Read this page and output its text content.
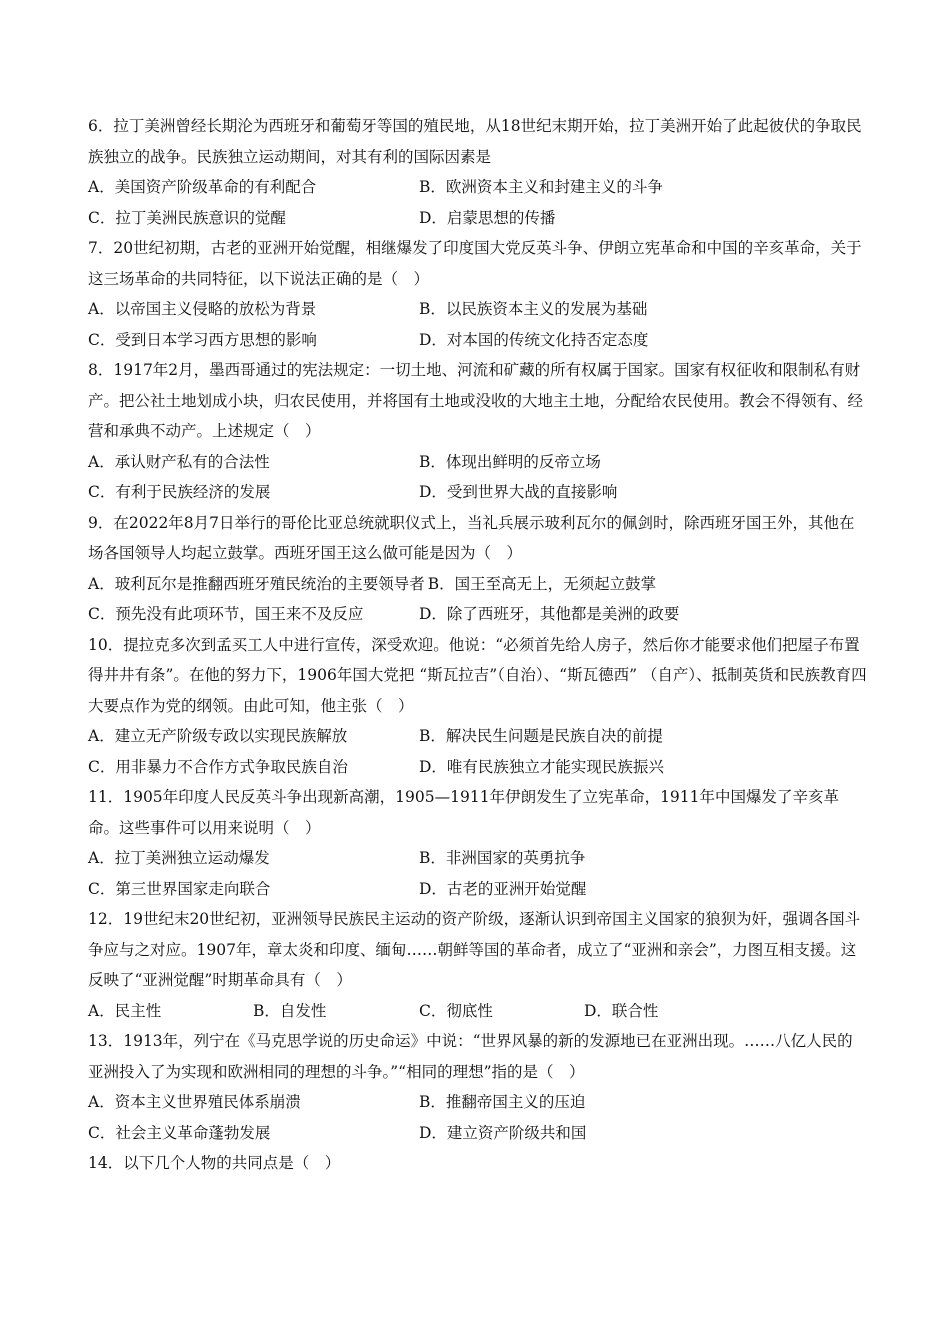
6．拉丁美洲曾经长期沦为西班牙和葡萄牙等国的殖民地，从18世纪末期开始，拉丁美洲开始了此起彼伏的争取民族独立的战争。民族独立运动期间，对其有利的国际因素是

A．美国资产阶级革命的有利配合	B．欧洲资本主义和封建主义的斗争
C．拉丁美洲民族意识的觉醒	D．启蒙思想的传播

7．20世纪初期，古老的亚洲开始觉醒，相继爆发了印度国大党反英斗争、伊朗立宪革命和中国的辛亥革命，关于这三场革命的共同特征，以下说法正确的是（　）

A．以帝国主义侵略的放松为背景	B．以民族资本主义的发展为基础
C．受到日本学习西方思想的影响	D．对本国的传统文化持否定态度

8．1917年2月，墨西哥通过的宪法规定：一切土地、河流和矿藏的所有权属于国家。国家有权征收和限制私有财产。把公社土地划成小块，归农民使用，并将国有土地或没收的大地主土地，分配给农民使用。教会不得领有、经营和承典不动产。上述规定（　）

A．承认财产私有的合法性	B．体现出鲜明的反帝立场
C．有利于民族经济的发展	D．受到世界大战的直接影响

9．在2022年8月7日举行的哥伦比亚总统就职仪式上，当礼兵展示玻利瓦尔的佩剑时，除西班牙国王外，其他在场各国领导人均起立鼓掌。西班牙国王这么做可能是因为（　）

A．玻利瓦尔是推翻西班牙殖民统治的主要领导者 B．国王至高无上，无须起立鼓掌
C．预先没有此项环节，国王来不及反应	D．除了西班牙，其他都是美洲的政要

10．提拉克多次到孟买工人中进行宣传，深受欢迎。他说：“必须首先给人房子，然后你才能要求他们把屋子布置得井井有条”。在他的努力下，1906年国大党把 “斯瓦拉吉”（自治）、“斯瓦德西” （自产）、抵制英货和民族教育四大要点作为党的纲领。由此可知，他主张（　）

A．建立无产阶级专政以实现民族解放	B．解决民生问题是民族自决的前提
C．用非暴力不合作方式争取民族自治	D．唯有民族独立才能实现民族振兴

11．1905年印度人民反英斗争出现新高潮，1905—1911年伊朗发生了立宪革命，1911年中国爆发了辛亥革命。这些事件可以用来说明（　）

A．拉丁美洲独立运动爆发	B．非洲国家的英勇抗争
C．第三世界国家走向联合	D．古老的亚洲开始觉醒

12．19世纪末20世纪初，亚洲领导民族民主运动的资产阶级，逐渐认识到帝国主义国家的狼狈为奸，强调各国斗争应与之对应。1907年，章太炎和印度、缅甸……朝鲜等国的革命者，成立了“亚洲和亲会”，力图互相支援。这反映了“亚洲觉醒”时期革命具有（　）

A．民主性	B．自发性	C．彻底性	D．联合性

13．1913年，列宁在《马克思学说的历史命运》中说：“世界风暴的新的发源地已在亚洲出现。……八亿人民的亚洲投入了为实现和欧洲相同的理想的斗争。”“相同的理想”指的是（　）

A．资本主义世界殖民体系崩溃	B．推翻帝国主义的压迫
C．社会主义革命蓬勃发展	D．建立资产阶级共和国

14．以下几个人物的共同点是（　）
